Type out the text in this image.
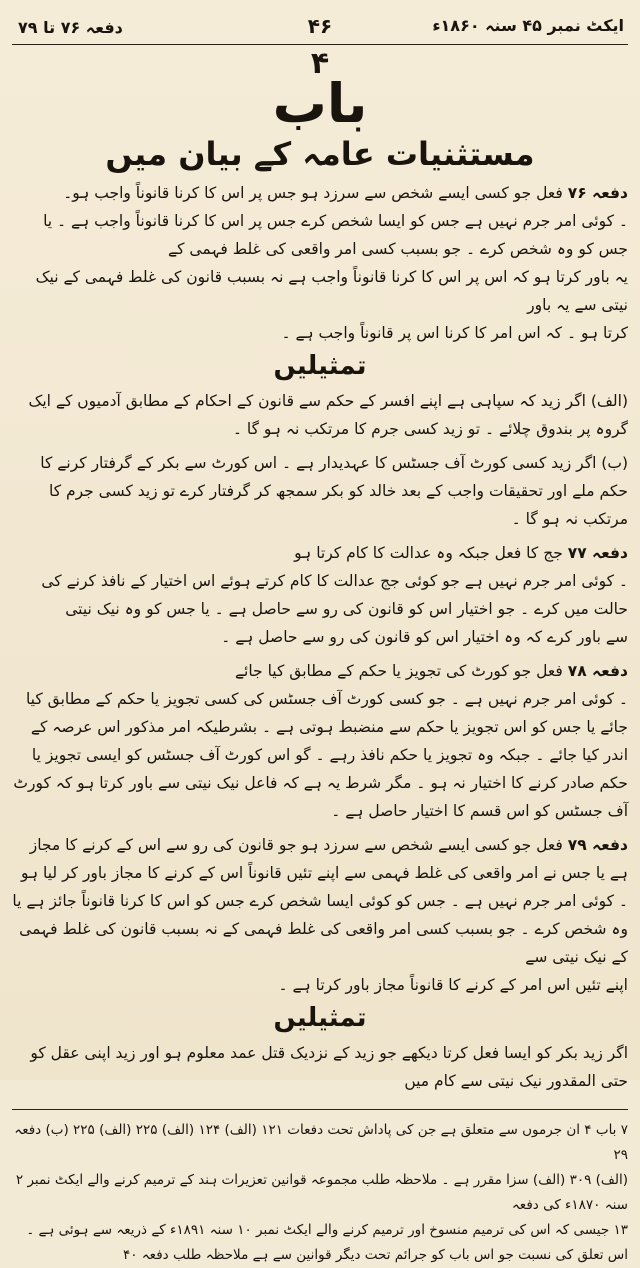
ایکٹ نمبر ۴۵ سنہ ۱۸۶۰ء
۴۶
دفعہ ۷۶ تا ۷۹
۴
باب
مستثنیات عامہ کے بیان میں

دفعہ ۷۶ فعل جو کسی ایسے شخص سے سرزد ہو جس پر اس کا کرنا قانوناً واجب ہو۔

۔ کوئی امر جرم نہیں ہے جس کو ایسا شخص کرے جس پر اس کا کرنا قانوناً واجب ہے ۔ یا جس کو وہ شخص کرے ۔ جو بسبب کسی امر واقعی کی غلط فہمی کے

یہ باور کرتا ہو کہ اس پر اس کا کرنا قانوناً واجب ہے نہ بسبب قانون کی غلط فہمی کے نیک نیتی سے یہ باور

کرتا ہو ۔ کہ اس امر کا کرنا اس پر قانوناً واجب ہے ۔

تمثیلیں

(الف) اگر زید کہ سپاہی ہے اپنے افسر کے حکم سے قانون کے احکام کے مطابق آدمیوں کے ایک گروہ پر بندوق چلائے ۔ تو زید کسی جرم کا مرتکب نہ ہو گا ۔

(ب) اگر زید کسی کورٹ آف جسٹس کا عہدیدار ہے ۔ اس کورٹ سے بکر کے گرفتار کرنے کا حکم ملے اور تحقیقات واجب کے بعد خالد کو بکر سمجھ کر گرفتار کرے تو زید کسی جرم کا مرتکب نہ ہو گا ۔

دفعہ ۷۷ جج کا فعل جبکہ وہ عدالت کا کام کرتا ہو

۔ کوئی امر جرم نہیں ہے جو کوئی جج عدالت کا کام کرتے ہوئے اس اختیار کے نافذ کرنے کی حالت میں کرے ۔ جو اختیار اس کو قانون کی رو سے حاصل ہے ۔ یا جس کو وہ نیک نیتی

سے باور کرے کہ وہ اختیار اس کو قانون کی رو سے حاصل ہے ۔

دفعہ ۷۸ فعل جو کورٹ کی تجویز یا حکم کے مطابق کیا جائے

۔ کوئی امر جرم نہیں ہے ۔ جو کسی کورٹ آف جسٹس کی کسی تجویز یا حکم کے مطابق کیا جائے یا جس کو اس تجویز یا حکم سے منضبط ہوتی ہے ۔ بشرطیکہ امر مذکور اس عرصہ کے اندر کیا جائے ۔ جبکہ وہ تجویز یا حکم نافذ رہے ۔ گو اس کورٹ آف جسٹس کو ایسی تجویز یا حکم صادر کرنے کا اختیار نہ ہو ۔ مگر شرط یہ ہے کہ فاعل نیک نیتی سے باور کرتا ہو کہ کورٹ آف جسٹس کو اس قسم کا اختیار حاصل ہے ۔

دفعہ ۷۹ فعل جو کسی ایسے شخص سے سرزد ہو جو قانون کی رو سے اس کے کرنے کا مجاز ہے یا جس نے امر واقعی کی غلط فہمی سے اپنے تئیں قانوناً اس کے کرنے کا مجاز باور کر لیا ہو

۔ کوئی امر جرم نہیں ہے ۔ جس کو کوئی ایسا شخص کرے جس کو اس کا کرنا قانوناً جائز ہے یا وہ شخص کرے ۔ جو بسبب کسی امر واقعی کی غلط فہمی کے نہ بسبب قانون کی غلط فہمی کے نیک نیتی سے

اپنے تئیں اس امر کے کرنے کا قانوناً مجاز باور کرتا ہے ۔

تمثیلیں

اگر زید بکر کو ایسا فعل کرتا دیکھے جو زید کے نزدیک قتل عمد معلوم ہو اور زید اپنی عقل کو حتی المقدور نیک نیتی سے کام میں

۷ باب ۴ ان جرموں سے متعلق ہے جن کی پاداش تحت دفعات ۱۲۱ (الف) ۱۲۴ (الف) ۲۲۵ (الف) ۲۲۵ (ب) دفعہ ۲۹

(الف) ۳۰۹ (الف) سزا مقرر ہے ۔ ملاحظہ طلب مجموعہ قوانین تعزیرات ہند کے ترمیم کرنے والے ایکٹ نمبر ۲ سنہ ۱۸۷۰ء کی دفعہ

۱۳ جیسی کہ اس کی ترمیم منسوخ اور ترمیم کرنے والے ایکٹ نمبر ۱۰ سنہ ۱۸۹۱ء کے ذریعہ سے ہوئی ہے ۔

اس تعلق کی نسبت جو اس باب کو جرائم تحت دیگر قوانین سے ہے ملاحظہ طلب دفعہ ۴۰
